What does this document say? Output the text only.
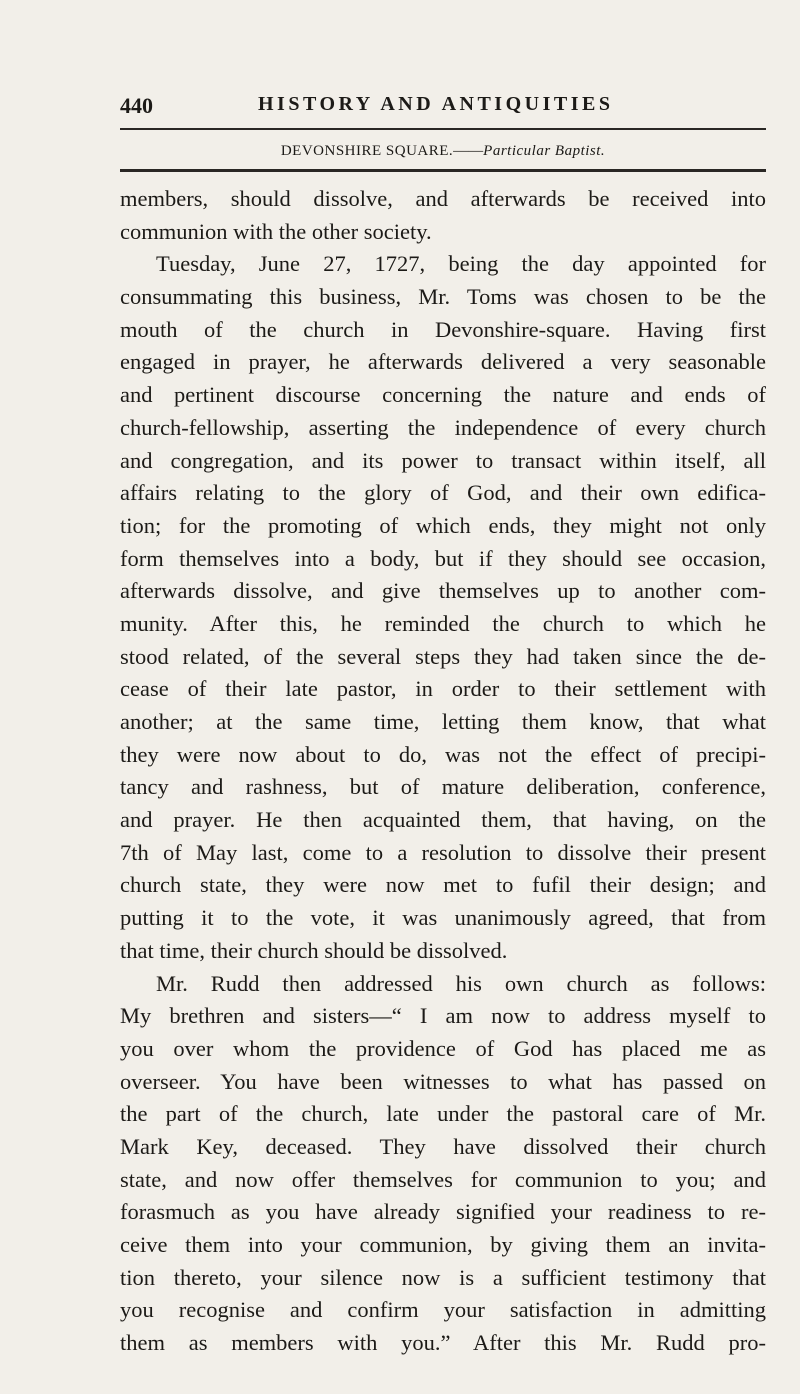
440	HISTORY AND ANTIQUITIES
DEVONSHIRE SQUARE.——Particular Baptist.
members, should dissolve, and afterwards be received into
communion with the other society.
Tuesday, June 27, 1727, being the day appointed for
consummating this business, Mr. Toms was chosen to be the
mouth of the church in Devonshire-square. Having first
engaged in prayer, he afterwards delivered a very seasonable
and pertinent discourse concerning the nature and ends of
church-fellowship, asserting the independence of every church
and congregation, and its power to transact within itself, all
affairs relating to the glory of God, and their own edifica-
tion; for the promoting of which ends, they might not only
form themselves into a body, but if they should see occasion,
afterwards dissolve, and give themselves up to another com-
munity. After this, he reminded the church to which he
stood related, of the several steps they had taken since the de-
cease of their late pastor, in order to their settlement with
another; at the same time, letting them know, that what
they were now about to do, was not the effect of precipi-
tancy and rashness, but of mature deliberation, conference,
and prayer. He then acquainted them, that having, on the
7th of May last, come to a resolution to dissolve their present
church state, they were now met to fufil their design; and
putting it to the vote, it was unanimously agreed, that from
that time, their church should be dissolved.
Mr. Rudd then addressed his own church as follows:
My brethren and sisters—“ I am now to address myself to
you over whom the providence of God has placed me as
overseer. You have been witnesses to what has passed on
the part of the church, late under the pastoral care of Mr.
Mark Key, deceased. They have dissolved their church
state, and now offer themselves for communion to you; and
forasmuch as you have already signified your readiness to re-
ceive them into your communion, by giving them an invita-
tion thereto, your silence now is a sufficient testimony that
you recognise and confirm your satisfaction in admitting
them as members with you.” After this Mr. Rudd pro-
